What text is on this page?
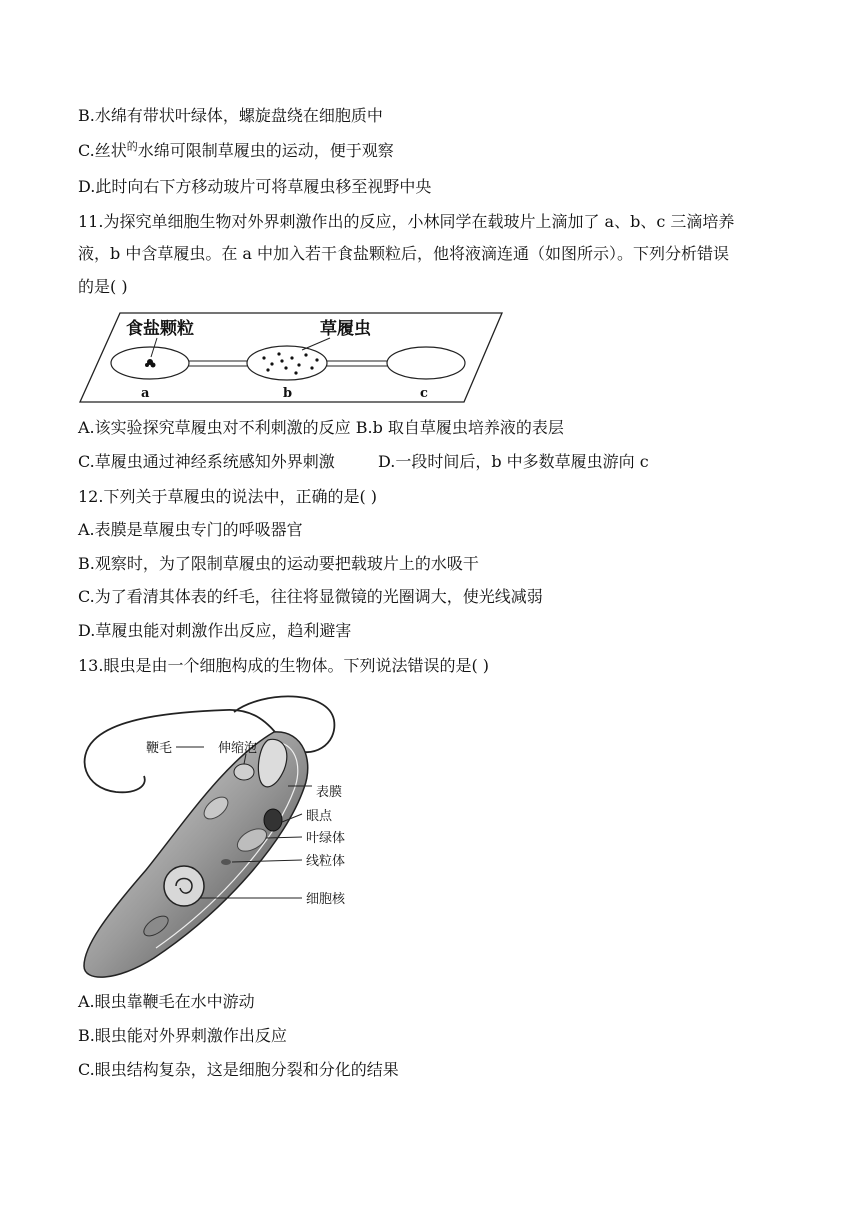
B.水绵有带状叶绿体，螺旋盘绕在细胞质中
C.丝状$^的$水绵可限制草履虫的运动，便于观察
D.此时向右下方移动玻片可将草履虫移至视野中央
11.为探究单细胞生物对外界刺激作出的反应，小林同学在载玻片上滴加了 a、b、c 三滴培养
液，b 中含草履虫。在 a 中加入若干食盐颗粒后，他将液滴连通（如图所示）。下列分析错误
的是( )
食盐颗粒	草履虫
a	b	c
A.该实验探究草履虫对不利刺激的反应 B.b 取自草履虫培养液的表层
C.草履虫通过神经系统感知外界刺激	D.一段时间后，b 中多数草履虫游向 c
12.下列关于草履虫的说法中，正确的是( )
A.表膜是草履虫专门的呼吸器官
B.观察时，为了限制草履虫的运动要把载玻片上的水吸干
C.为了看清其体表的纤毛，往往将显微镜的光圈调大，使光线减弱
D.草履虫能对刺激作出反应，趋利避害
13.眼虫是由一个细胞构成的生物体。下列说法错误的是( )
鞭毛	伸缩泡
表膜
眼点
叶绿体
线粒体
细胞核
A.眼虫靠鞭毛在水中游动
B.眼虫能对外界刺激作出反应
C.眼虫结构复杂，这是细胞分裂和分化的结果
